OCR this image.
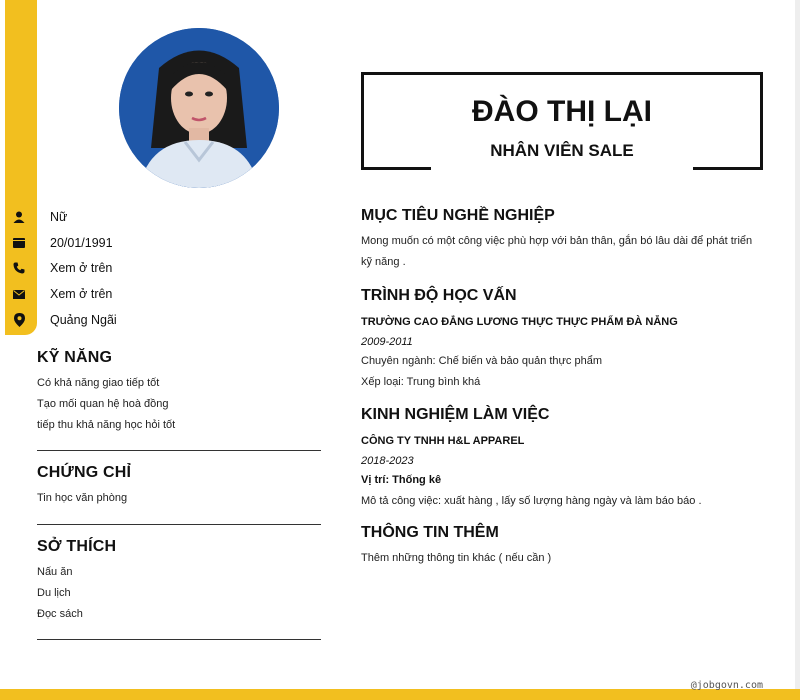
Nữ
20/01/1991
Xem ở trên
Xem ở trên
Quảng Ngãi
KỸ NĂNG
Có khả năng giao tiếp tốt
Tạo mối quan hệ hoà đồng
tiếp thu khả năng học hỏi tốt
CHỨNG CHỈ
Tin học văn phòng
SỞ THÍCH
Nấu ăn
Du lịch
Đọc sách
ĐÀO THỊ LẠI
NHÂN VIÊN SALE
MỤC TIÊU NGHỀ NGHIỆP
Mong muốn có một công việc phù hợp với bản thân, gắn bó lâu dài để phát triển
kỹ năng .
TRÌNH ĐỘ HỌC VẤN
TRƯỜNG CAO ĐẲNG LƯƠNG THỰC THỰC PHẨM ĐÀ NẴNG
2009-2011
Chuyên ngành: Chế biến và bảo quản thực phẩm
Xếp loại: Trung bình khá
KINH NGHIỆM LÀM VIỆC
CÔNG TY TNHH H&L APPAREL
2018-2023
Vị trí: Thống kê
Mô tả công việc: xuất hàng , lấy số lượng hàng ngày và làm báo báo .
THÔNG TIN THÊM
Thêm những thông tin khác ( nếu cần )
@jobgovn.com
